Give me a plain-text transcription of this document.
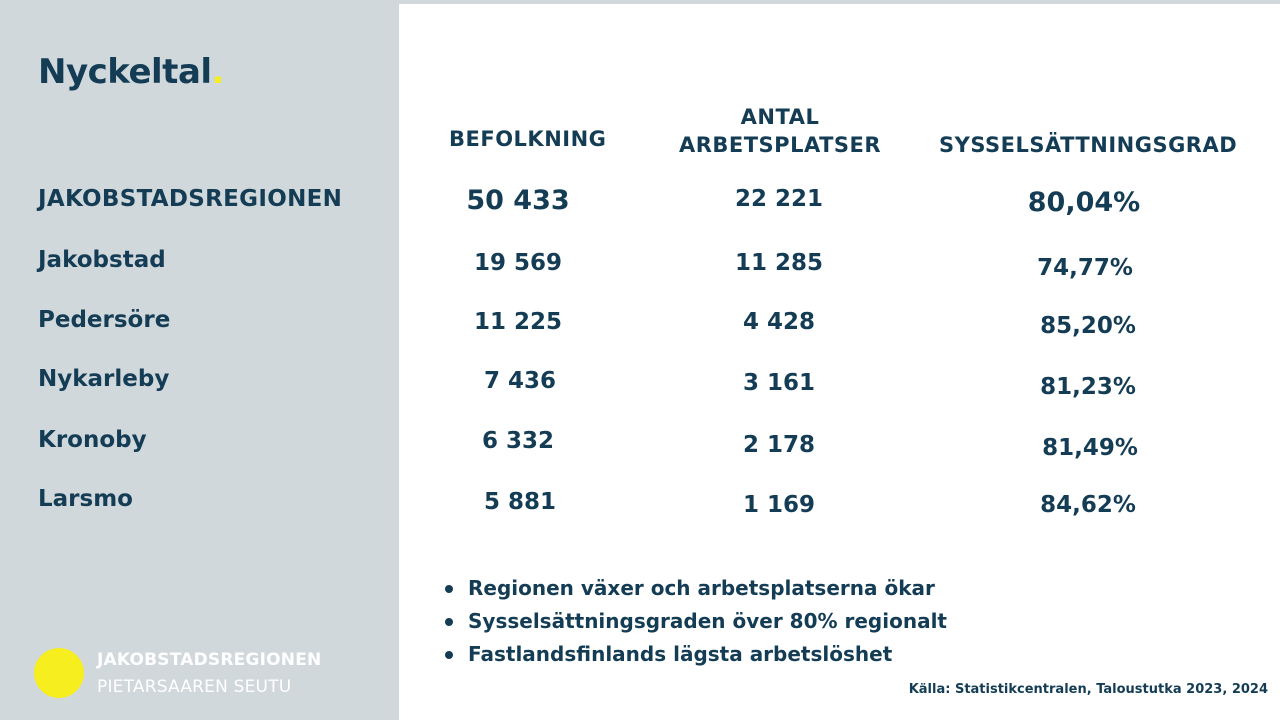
Nyckeltal.
JAKOBSTADSREGIONEN
Jakobstad
Pedersöre
Nykarleby
Kronoby
Larsmo
BEFOLKNING
ANTAL
ARBETSPLATSER	SYSSELSÄTTNINGSGRAD
50 433
19 569
11 225
7 436
6 332
5 881
22 221
11 285
4 428
3 161
2 178
1 169
80,04%
74,77%
85,20%
81,23%
81,49%
84,62%
Regionen växer och arbetsplatserna ökar
Sysselsättningsgraden över 80% regionalt
Fastlandsfinlands lägsta arbetslöshet
JAKOBSTADSREGIONEN
PIETARSAAREN SEUTU	Källa: Statistikcentralen, Taloustutka 2023, 2024
